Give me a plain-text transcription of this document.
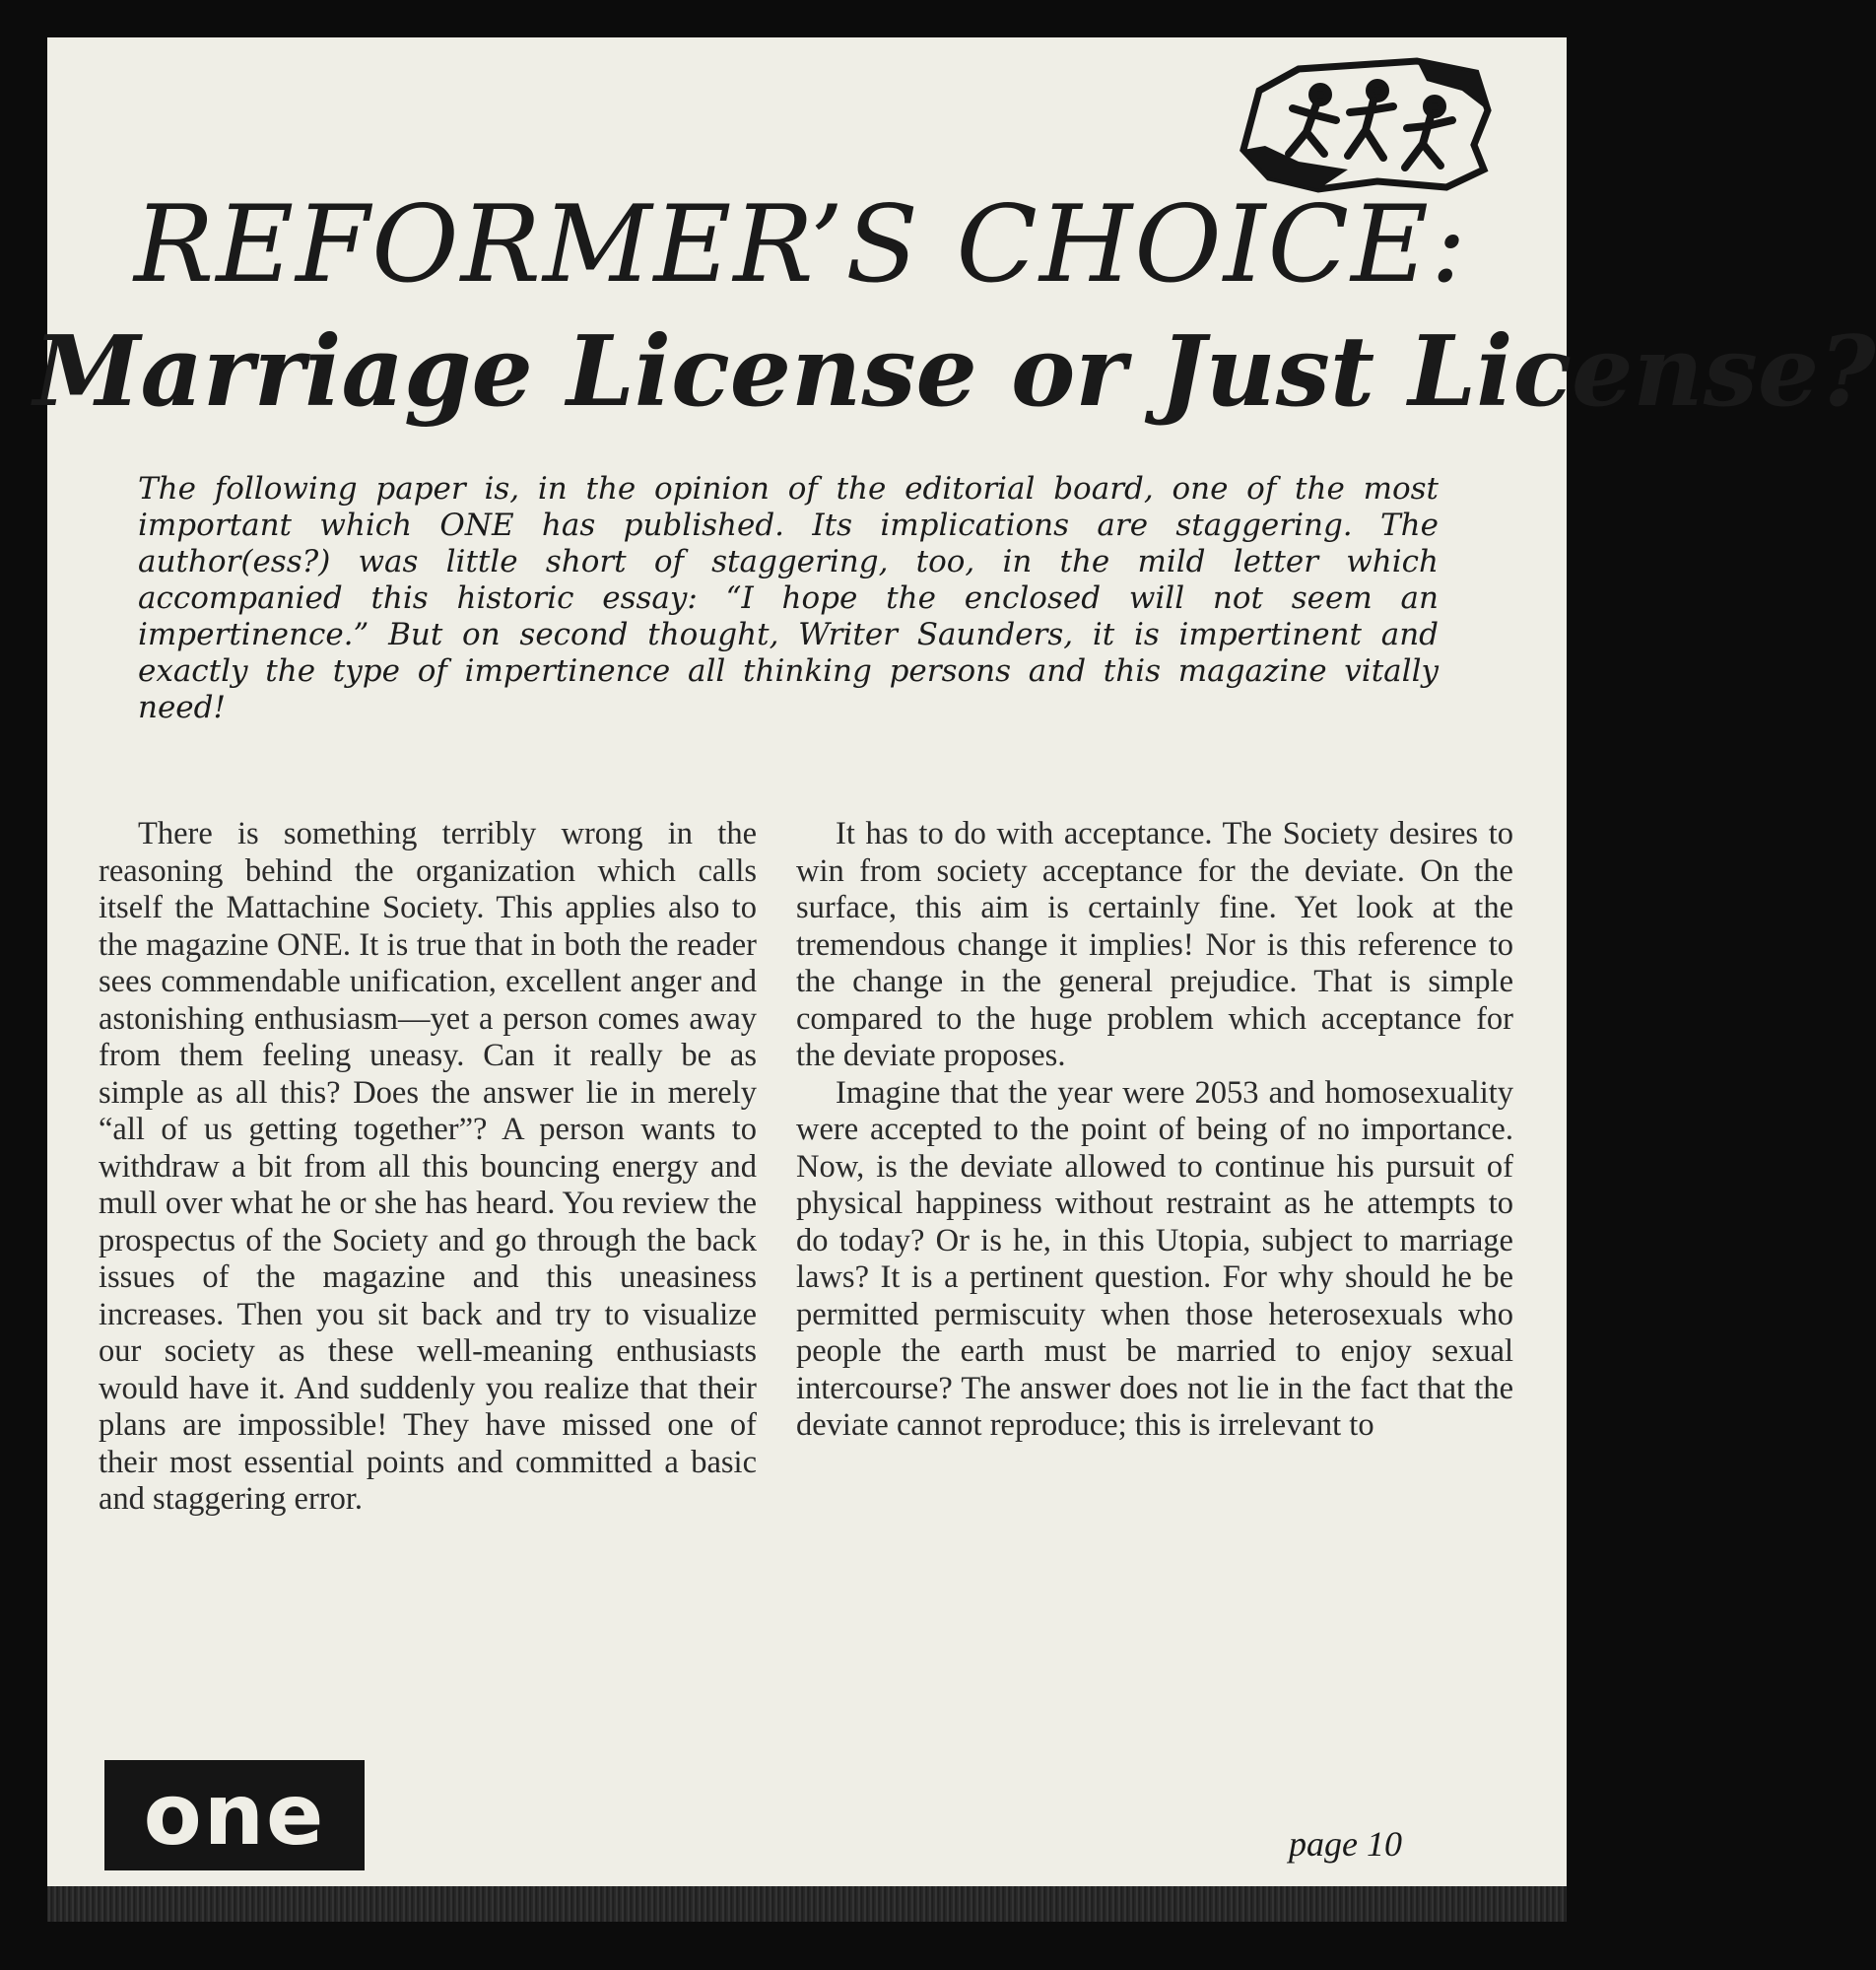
REFORMER’S CHOICE:
Marriage License or Just License?
The following paper is, in the opinion of the editorial board, one of the most important which ONE has published. Its implications are staggering. The author(ess?) was little short of staggering, too, in the mild letter which accompanied this historic essay: “I hope the enclosed will not seem an impertinence.” But on second thought, Writer Saunders, it is impertinent and exactly the type of impertinence all thinking persons and this magazine vitally need!

There is something terribly wrong in the reasoning behind the organization which calls itself the Mattachine Society. This applies also to the magazine ONE. It is true that in both the reader sees commendable unification, excellent anger and astonishing enthusiasm—yet a person comes away from them feeling uneasy. Can it really be as simple as all this? Does the answer lie in merely “all of us getting together”? A person wants to withdraw a bit from all this bouncing energy and mull over what he or she has heard. You review the prospectus of the Society and go through the back issues of the magazine and this uneasiness increases. Then you sit back and try to visualize our society as these well-meaning enthusiasts would have it. And suddenly you realize that their plans are impossible! They have missed one of their most essential points and committed a basic and staggering error.

It has to do with acceptance. The Society desires to win from society acceptance for the deviate. On the surface, this aim is certainly fine. Yet look at the tremendous change it implies! Nor is this reference to the change in the general prejudice. That is simple compared to the huge problem which acceptance for the deviate proposes.

Imagine that the year were 2053 and homosexuality were accepted to the point of being of no importance. Now, is the deviate allowed to continue his pursuit of physical happiness without restraint as he attempts to do today? Or is he, in this Utopia, subject to marriage laws? It is a pertinent question. For why should he be permitted permiscuity when those heterosexuals who people the earth must be married to enjoy sexual intercourse? The answer does not lie in the fact that the deviate cannot reproduce; this is irrelevant to

one	page 10
